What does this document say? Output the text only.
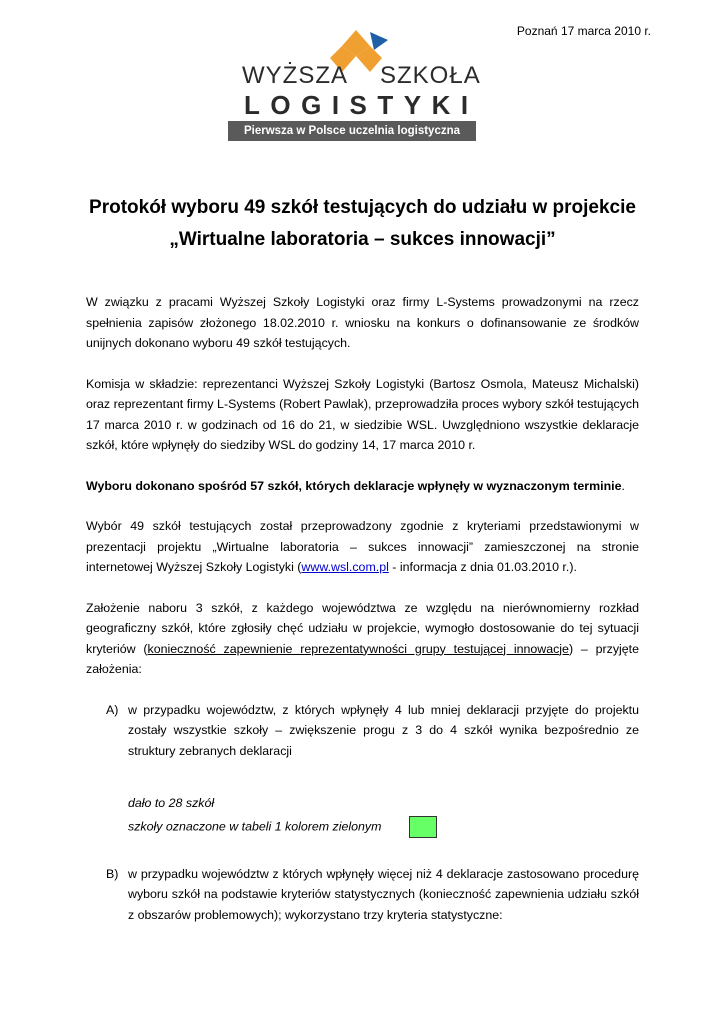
Poznań 17 marca 2010 r.
WYŻSZA SZKOŁA
LOGISTYKI
Pierwsza w Polsce uczelnia logistyczna
Protokół wyboru 49 szkół testujących do udziału w projekcie
„Wirtualne laboratoria – sukces innowacji”

W związku z pracami Wyższej Szkoły Logistyki oraz firmy L-Systems prowadzonymi na rzecz spełnienia zapisów złożonego 18.02.2010 r. wniosku na konkurs o dofinansowanie ze środków unijnych dokonano wyboru 49 szkół testujących.

Komisja w składzie: reprezentanci Wyższej Szkoły Logistyki (Bartosz Osmola, Mateusz Michalski) oraz reprezentant firmy L-Systems (Robert Pawlak), przeprowadziła proces wybory szkół testujących 17 marca 2010 r. w godzinach od 16 do 21, w siedzibie WSL. Uwzględniono wszystkie deklaracje szkół, które wpłynęły do siedziby WSL do godziny 14, 17 marca 2010 r.

Wyboru dokonano spośród 57 szkół, których deklaracje wpłynęły w wyznaczonym terminie.

Wybór 49 szkół testujących został przeprowadzony zgodnie z kryteriami przedstawionymi w prezentacji projektu „Wirtualne laboratoria – sukces innowacji” zamieszczonej na stronie internetowej Wyższej Szkoły Logistyki (www.wsl.com.pl - informacja z dnia 01.03.2010 r.).

Założenie naboru 3 szkół, z każdego województwa ze względu na nierównomierny rozkład geograficzny szkół, które zgłosiły chęć udziału w projekcie, wymogło dostosowanie do tej sytuacji kryteriów (konieczność zapewnienie reprezentatywności grupy testującej innowacje) – przyjęte założenia:

A) w przypadku województw, z których wpłynęły 4 lub mniej deklaracji przyjęte do projektu zostały wszystkie szkoły – zwiększenie progu z 3 do 4 szkół wynika bezpośrednio ze struktury zebranych deklaracji
dało to 28 szkół
szkoły oznaczone w tabeli 1 kolorem zielonym
B) w przypadku województw z których wpłynęły więcej niż 4 deklaracje zastosowano procedurę wyboru szkół na podstawie kryteriów statystycznych (konieczność zapewnienia udziału szkół z obszarów problemowych); wykorzystano trzy kryteria statystyczne:
